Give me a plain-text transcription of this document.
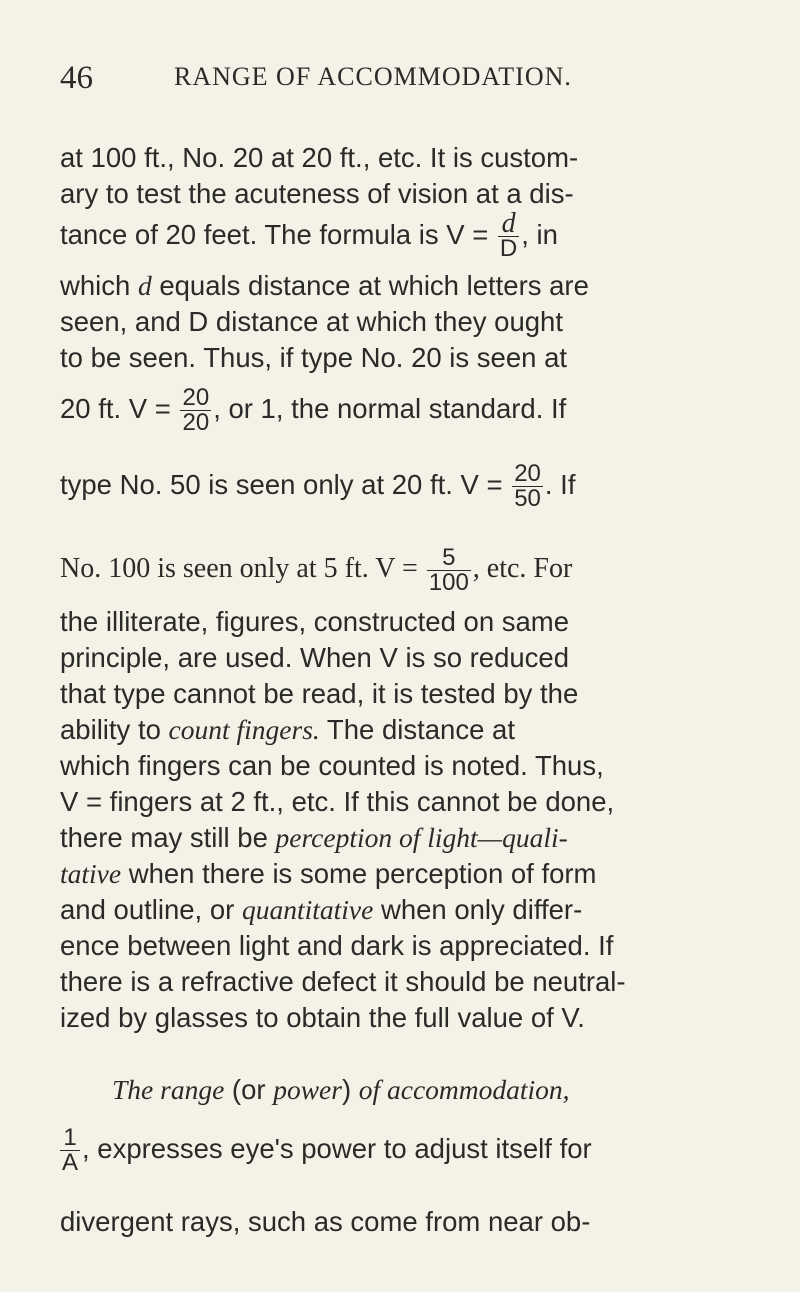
46	RANGE OF ACCOMMODATION.
at 100 ft., No. 20 at 20 ft., etc. It is custom-
ary to test the acuteness of vision at a dis-
tance of 20 feet. The formula is $V = \frac{d}{D}$ , in
which d equals distance at which letters are
seen, and D distance at which they ought
to be seen. Thus, if type No. 20 is seen at
20 ft. $V = \frac{20}{20}$ , or 1, the normal standard. If
type No. 50 is seen only at 20 ft. $V = \frac{20}{50}$ . If
No. 100 is seen only at 5 ft. $V = \frac{5}{100}$ , etc. For
the illiterate, figures, constructed on same
principle, are used. When V is so reduced
that type cannot be read, it is tested by the
ability to count fingers. The distance at
which fingers can be counted is noted. Thus,
V = fingers at 2 ft., etc. If this cannot be done,
there may still be perception of light—quali-
tative when there is some perception of form
and outline, or quantitative when only differ-
ence between light and dark is appreciated. If
there is a refractive defect it should be neutral-
ized by glasses to obtain the full value of V.
The range (or power) of accommodation,
$\frac{1}{A}$ , expresses eye's power to adjust itself for
divergent rays, such as come from near ob-
